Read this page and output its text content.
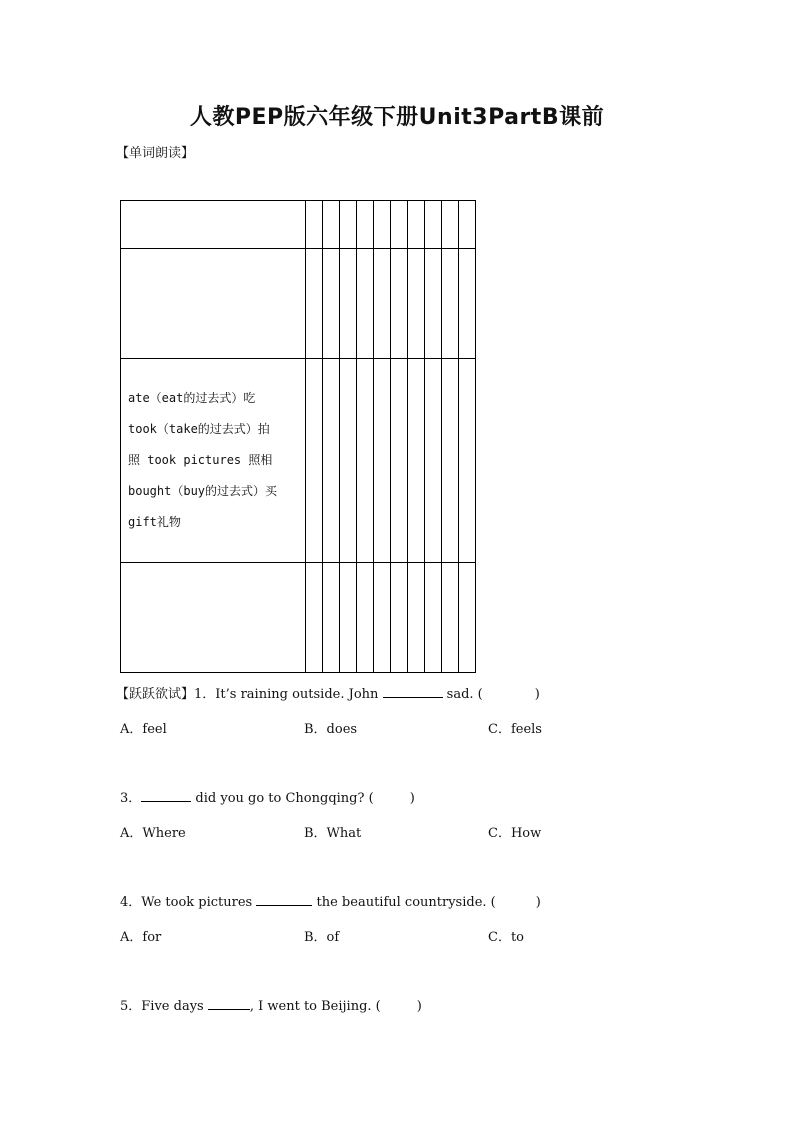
人教PEP版六年级下册Unit3PartB课前
【单词朗读】

ate（eat的过去式）吃
took（take的过去式）拍
照 took pictures 照相
bought（buy的过去式）买
gift礼物										

【跃跃欲试】1．It’s raining outside. John	sad. (	)
A．feel	B．does	C．feels
3．	did you go to Chongqing? (	)
A．Where	B．What	C．How
4．We took pictures	the beautiful countryside. (	)
A．for	B．of	C．to
5．Five days	, I went to Beijing. (	)
